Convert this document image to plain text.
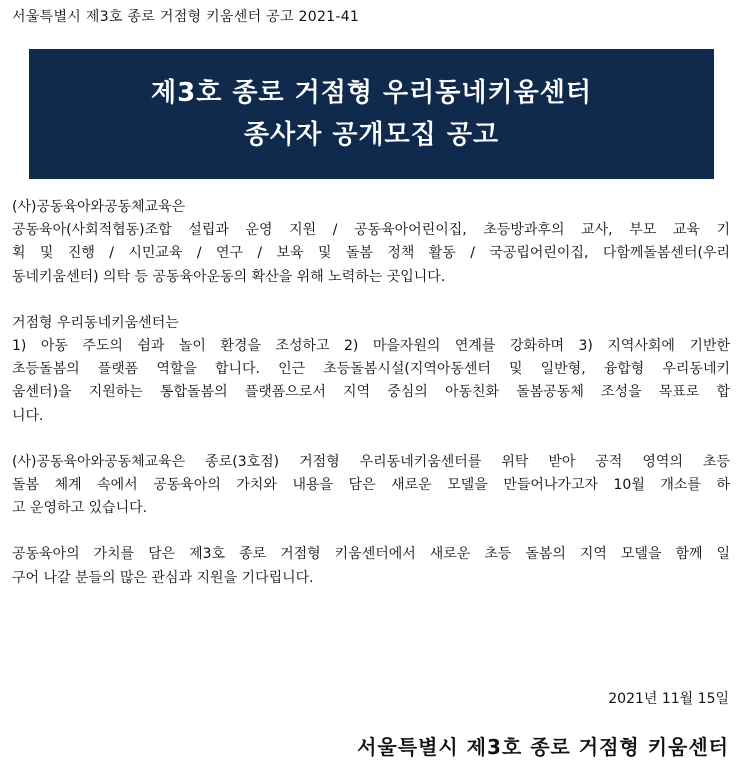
서울특별시 제3호 종로 거점형 키움센터 공고 2021-41
제3호 종로 거점형 우리동네키움센터
종사자 공개모집 공고

(사)공동육아와공동체교육은

공동육아(사회적협동)조합 설립과 운영 지원 / 공동육아어린이집, 초등방과후의 교사, 부모 교육 기

획 및 진행 / 시민교육 / 연구 / 보육 및 돌봄 정책 활동 / 국공립어린이집, 다함께돌봄센터(우리

동네키움센터) 의탁 등 공동육아운동의 확산을 위해 노력하는 곳입니다.

거점형 우리동네키움센터는

1) 아동 주도의 쉼과 놀이 환경을 조성하고 2) 마을자원의 연계를 강화하며 3) 지역사회에 기반한

초등돌봄의 플랫폼 역할을 합니다. 인근 초등돌봄시설(지역아동센터 및 일반형, 융합형 우리동네키

움센터)을 지원하는 통합돌봄의 플랫폼으로서 지역 중심의 아동친화 돌봄공동체 조성을 목표로 합

니다.

(사)공동육아와공동체교육은 종로(3호점) 거점형 우리동네키움센터를 위탁 받아 공적 영역의 초등

돌봄 체계 속에서 공동육아의 가치와 내용을 담은 새로운 모델을 만들어나가고자 10월 개소를 하

고 운영하고 있습니다.

공동육아의 가치를 담은 제3호 종로 거점형 키움센터에서 새로운 초등 돌봄의 지역 모델을 함께 일

구어 나갈 분들의 많은 관심과 지원을 기다립니다.

2021년 11월 15일
서울특별시 제3호 종로 거점형 키움센터
